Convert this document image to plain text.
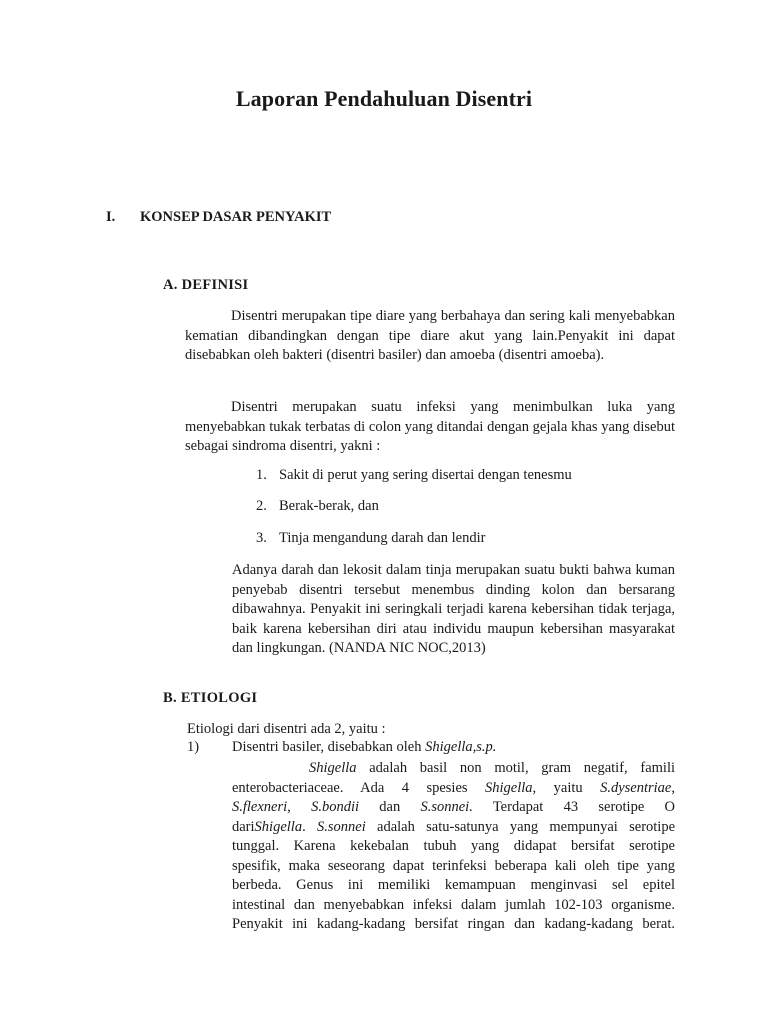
Laporan Pendahuluan Disentri
I. KONSEP DASAR PENYAKIT
A. DEFINISI

Disentri merupakan tipe diare yang berbahaya dan sering kali menyebabkan kematian dibandingkan dengan tipe diare akut yang lain.Penyakit ini dapat disebabkan oleh bakteri (disentri basiler) dan amoeba (disentri amoeba).

Disentri merupakan suatu infeksi yang menimbulkan luka yang menyebabkan tukak terbatas di colon yang ditandai dengan gejala khas yang disebut sebagai sindroma disentri, yakni :

1. Sakit di perut yang sering disertai dengan tenesmu
2. Berak-berak, dan
3. Tinja mengandung darah dan lendir

Adanya darah dan lekosit dalam tinja merupakan suatu bukti bahwa kuman penyebab disentri tersebut menembus dinding kolon dan bersarang dibawahnya. Penyakit ini seringkali terjadi karena kebersihan tidak terjaga, baik karena kebersihan diri atau individu maupun kebersihan masyarakat dan lingkungan. (NANDA NIC NOC,2013)

B. ETIOLOGI

Etiologi dari disentri ada 2, yaitu :

1) Disentri basiler, disebabkan oleh Shigella,s.p.
Shigella adalah basil non motil, gram negatif, famili
enterobacteriaceae. Ada 4 spesies Shigella, yaitu S.dysentriae,
S.flexneri, S.bondii dan S.sonnei. Terdapat 43 serotipe O
dariShigella. S.sonnei adalah satu-satunya yang mempunyai serotipe
tunggal. Karena kekebalan tubuh yang didapat bersifat serotipe
spesifik, maka seseorang dapat terinfeksi beberapa kali oleh tipe yang
berbeda. Genus ini memiliki kemampuan menginvasi sel epitel
intestinal dan menyebabkan infeksi dalam jumlah 102-103 organisme.
Penyakit ini kadang-kadang bersifat ringan dan kadang-kadang berat.
